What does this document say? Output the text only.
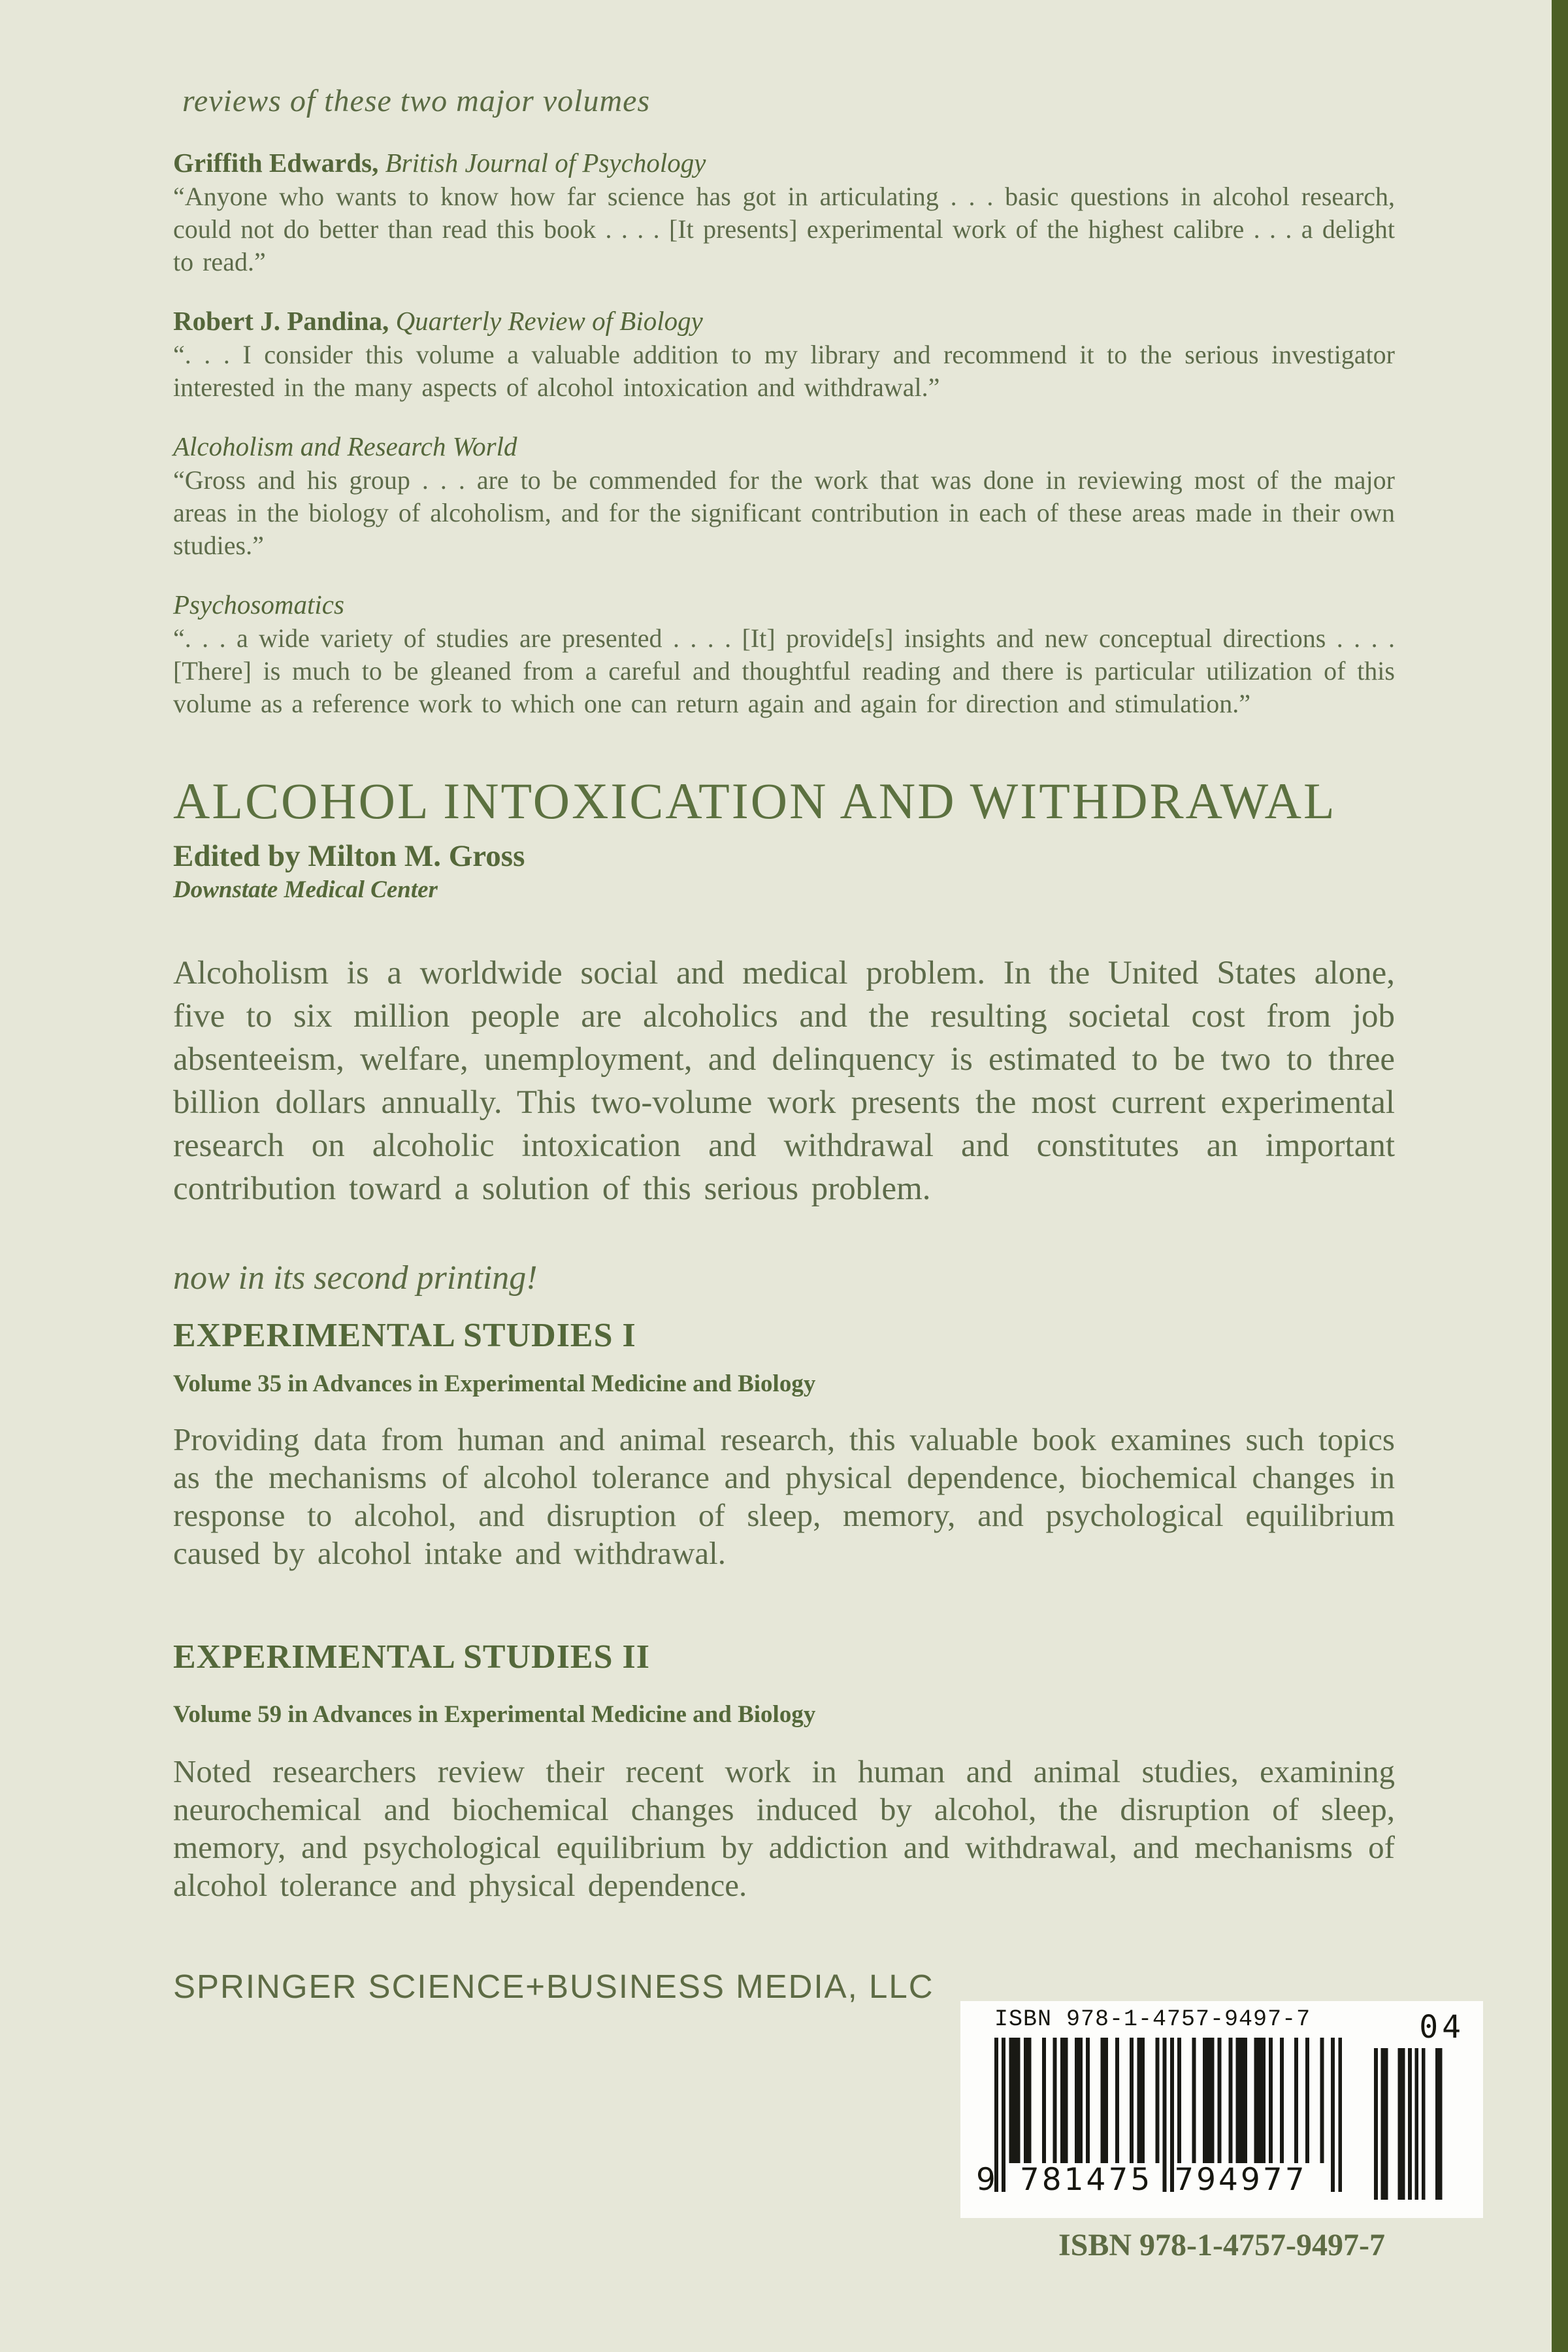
reviews of these two major volumes
Griffith Edwards, British Journal of Psychology

“Anyone who wants to know how far science has got in articulating . . . basic questions in alcohol research, could not do better than read this book . . . . [It presents] experimental work of the highest calibre . . . a delight to read.”

Robert J. Pandina, Quarterly Review of Biology

“. . . I consider this volume a valuable addition to my library and recommend it to the serious investigator interested in the many aspects of alcohol intoxication and withdrawal.”

Alcoholism and Research World

“Gross and his group . . . are to be commended for the work that was done in reviewing most of the major areas in the biology of alcoholism, and for the significant contribution in each of these areas made in their own studies.”

Psychosomatics

“. . . a wide variety of studies are presented . . . . [It] provide[s] insights and new conceptual directions . . . . [There] is much to be gleaned from a careful and thoughtful reading and there is particular utilization of this volume as a reference work to which one can return again and again for direction and stimulation.”

ALCOHOL INTOXICATION AND WITHDRAWAL
Edited by Milton M. Gross
Downstate Medical Center

Alcoholism is a worldwide social and medical problem. In the United States alone, five to six million people are alcoholics and the resulting societal cost from job absenteeism, welfare, unemployment, and delinquency is estimated to be two to three billion dollars annually. This two-volume work presents the most current experimental research on alcoholic intoxication and withdrawal and constitutes an important contribution toward a solution of this serious problem.

now in its second printing!
EXPERIMENTAL STUDIES I
Volume 35 in Advances in Experimental Medicine and Biology

Providing data from human and animal research, this valuable book examines such topics as the mechanisms of alcohol tolerance and physical dependence, biochemical changes in response to alcohol, and disruption of sleep, memory, and psychological equilibrium caused by alcohol intake and withdrawal.

EXPERIMENTAL STUDIES II
Volume 59 in Advances in Experimental Medicine and Biology

Noted researchers review their recent work in human and animal studies, examining neurochemical and biochemical changes induced by alcohol, the disruption of sleep, memory, and psychological equilibrium by addiction and withdrawal, and mechanisms of alcohol tolerance and physical dependence.

SPRINGER SCIENCE+BUSINESS MEDIA, LLC
ISBN 978-1-4757-9497-7	04
9 781475 794977
ISBN 978-1-4757-9497-7
